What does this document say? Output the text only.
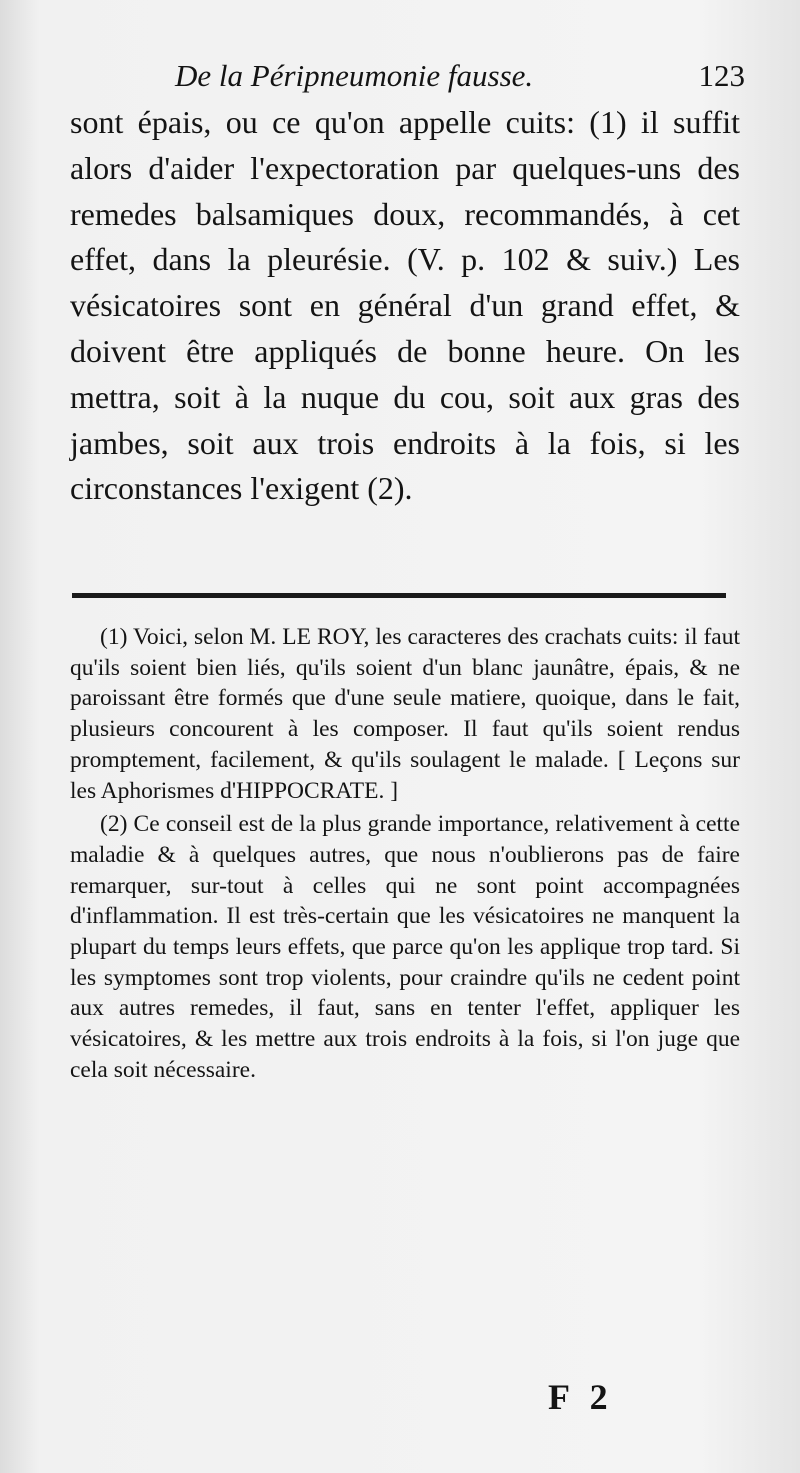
De la Péripneumonie fausse.	123

sont épais, ou ce qu'on appelle cuits: (1) il suffit alors d'aider l'expectoration par quelques-uns des remedes balsamiques doux, recommandés, à cet effet, dans la pleurésie. (V. p. 102 & suiv.) Les vésicatoires sont en général d'un grand effet, & doivent être appliqués de bonne heure. On les mettra, soit à la nuque du cou, soit aux gras des jambes, soit aux trois endroits à la fois, si les circonstances l'exigent (2).

(1) Voici, selon M. LE ROY, les caracteres des crachats cuits: il faut qu'ils soient bien liés, qu'ils soient d'un blanc jaunâtre, épais, & ne paroissant être formés que d'une seule matiere, quoique, dans le fait, plusieurs concourent à les composer. Il faut qu'ils soient rendus promptement, facilement, & qu'ils soulagent le malade. [ Leçons sur les Aphorismes d'HIPPOCRATE. ]

(2) Ce conseil est de la plus grande importance, relativement à cette maladie & à quelques autres, que nous n'oublierons pas de faire remarquer, sur-tout à celles qui ne sont point accompagnées d'inflammation. Il est très-certain que les vésicatoires ne manquent la plupart du temps leurs effets, que parce qu'on les applique trop tard. Si les symptomes sont trop violents, pour craindre qu'ils ne cedent point aux autres remedes, il faut, sans en tenter l'effet, appliquer les vésicatoires, & les mettre aux trois endroits à la fois, si l'on juge que cela soit nécessaire.

F 2
